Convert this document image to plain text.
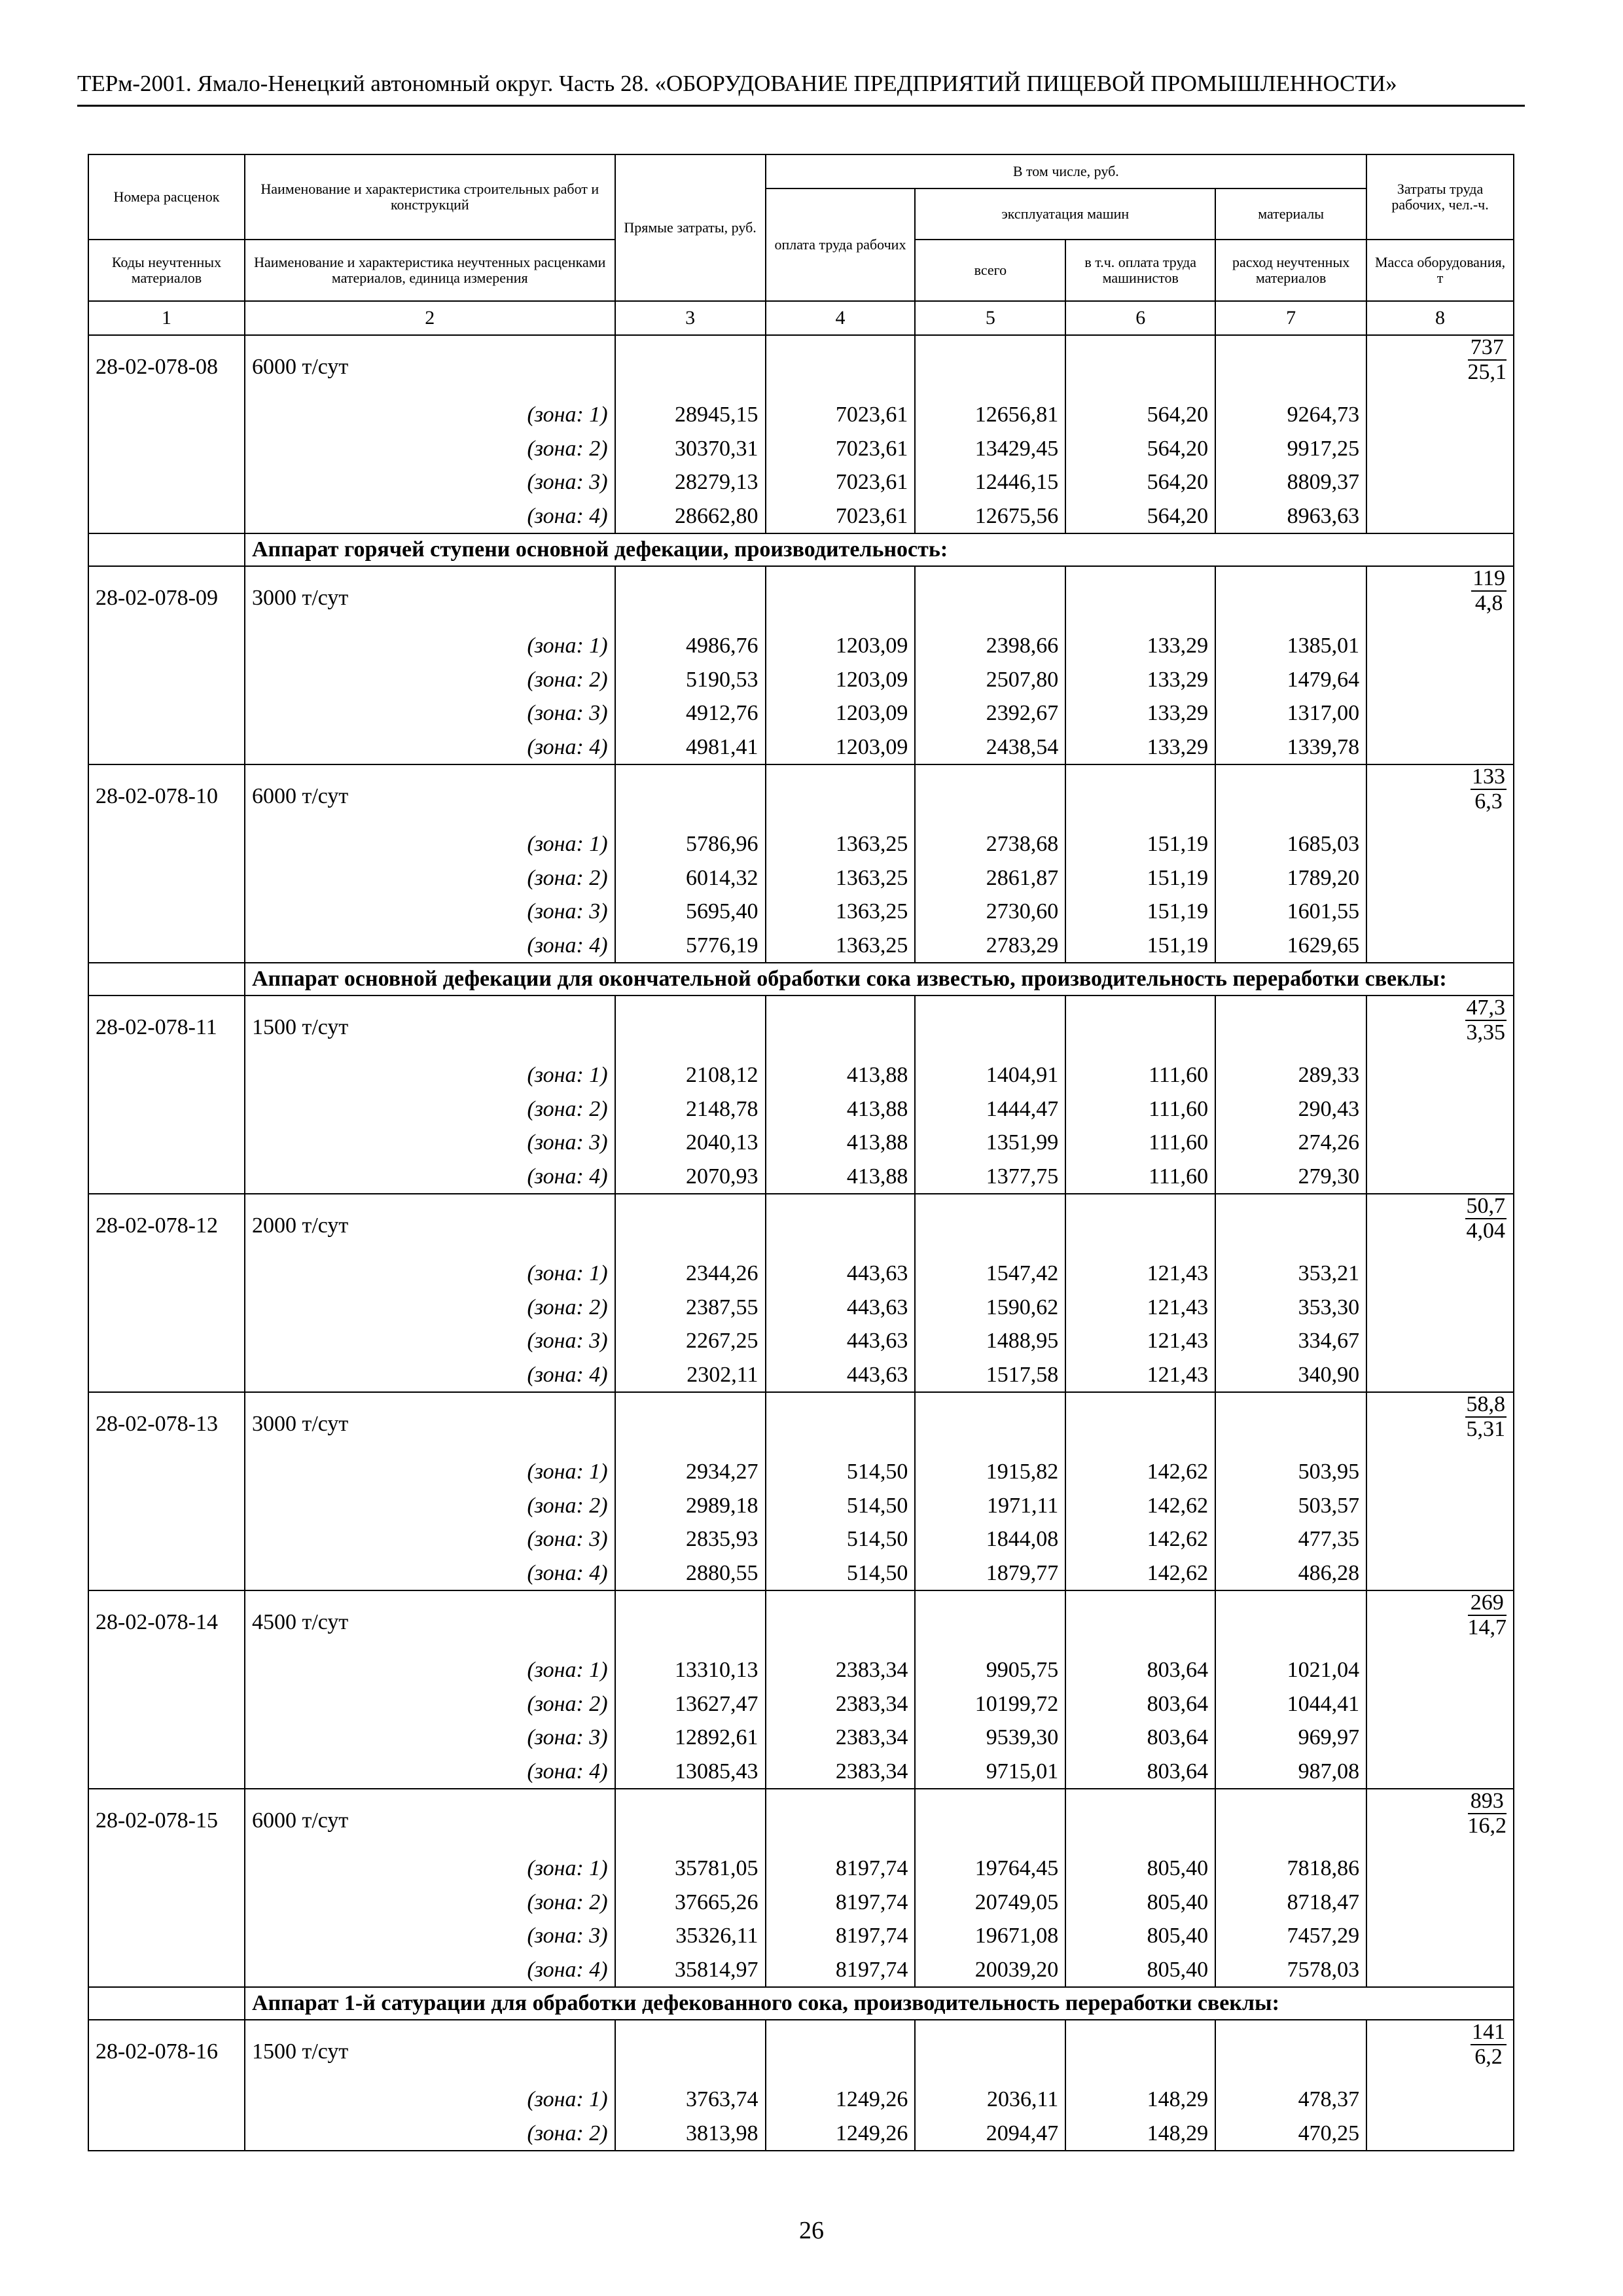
ТЕРм-2001. Ямало-Ненецкий автономный округ. Часть 28. «ОБОРУДОВАНИЕ ПРЕДПРИЯТИЙ ПИЩЕВОЙ ПРОМЫШЛЕННОСТИ»
Номера расценок	Наименование и характеристика строительных работ и конструкций	Прямые затраты, руб.	В том числе, руб.				Затраты труда рабочих, чел.-ч.
			оплата труда рабочих	эксплуатация машин		материалы	
Коды неучтенных материалов	Наименование и характеристика неучтенных расценками материалов, единица измерения			всего	в т.ч. оплата труда машинистов	расход неучтенных материалов	Масса оборудования, т
1	2	3	4	5	6	7	8
28-02-078-08	6000 т/сут						$\frac{737}{25,1}$

	(зона: 1)	28945,15	7023,61	12656,81	564,20	9264,73	
	(зона: 2)	30370,31	7023,61	13429,45	564,20	9917,25	
	(зона: 3)	28279,13	7023,61	12446,15	564,20	8809,37	
	(зона: 4)	28662,80	7023,61	12675,56	564,20	8963,63	
	Аппарат горячей ступени основной дефекации, производительность:						
28-02-078-09	3000 т/сут						$\frac{119}{4,8}$

	(зона: 1)	4986,76	1203,09	2398,66	133,29	1385,01	
	(зона: 2)	5190,53	1203,09	2507,80	133,29	1479,64	
	(зона: 3)	4912,76	1203,09	2392,67	133,29	1317,00	
	(зона: 4)	4981,41	1203,09	2438,54	133,29	1339,78	
28-02-078-10	6000 т/сут						$\frac{133}{6,3}$

	(зона: 1)	5786,96	1363,25	2738,68	151,19	1685,03	
	(зона: 2)	6014,32	1363,25	2861,87	151,19	1789,20	
	(зона: 3)	5695,40	1363,25	2730,60	151,19	1601,55	
	(зона: 4)	5776,19	1363,25	2783,29	151,19	1629,65	
	Аппарат основной дефекации для окончательной обработки сока известью, производительность переработки свеклы:						
28-02-078-11	1500 т/сут						$\frac{47,3}{3,35}$

	(зона: 1)	2108,12	413,88	1404,91	111,60	289,33	
	(зона: 2)	2148,78	413,88	1444,47	111,60	290,43	
	(зона: 3)	2040,13	413,88	1351,99	111,60	274,26	
	(зона: 4)	2070,93	413,88	1377,75	111,60	279,30	
28-02-078-12	2000 т/сут						$\frac{50,7}{4,04}$

	(зона: 1)	2344,26	443,63	1547,42	121,43	353,21	
	(зона: 2)	2387,55	443,63	1590,62	121,43	353,30	
	(зона: 3)	2267,25	443,63	1488,95	121,43	334,67	
	(зона: 4)	2302,11	443,63	1517,58	121,43	340,90	
28-02-078-13	3000 т/сут						$\frac{58,8}{5,31}$

	(зона: 1)	2934,27	514,50	1915,82	142,62	503,95	
	(зона: 2)	2989,18	514,50	1971,11	142,62	503,57	
	(зона: 3)	2835,93	514,50	1844,08	142,62	477,35	
	(зона: 4)	2880,55	514,50	1879,77	142,62	486,28	
28-02-078-14	4500 т/сут						$\frac{269}{14,7}$

	(зона: 1)	13310,13	2383,34	9905,75	803,64	1021,04	
	(зона: 2)	13627,47	2383,34	10199,72	803,64	1044,41	
	(зона: 3)	12892,61	2383,34	9539,30	803,64	969,97	
	(зона: 4)	13085,43	2383,34	9715,01	803,64	987,08	
28-02-078-15	6000 т/сут						$\frac{893}{16,2}$

	(зона: 1)	35781,05	8197,74	19764,45	805,40	7818,86	
	(зона: 2)	37665,26	8197,74	20749,05	805,40	8718,47	
	(зона: 3)	35326,11	8197,74	19671,08	805,40	7457,29	
	(зона: 4)	35814,97	8197,74	20039,20	805,40	7578,03	
	Аппарат 1-й сатурации для обработки дефекованного сока, производительность переработки свеклы:						
28-02-078-16	1500 т/сут						$\frac{141}{6,2}$

	(зона: 1)	3763,74	1249,26	2036,11	148,29	478,37	
	(зона: 2)	3813,98	1249,26	2094,47	148,29	470,25	
26
